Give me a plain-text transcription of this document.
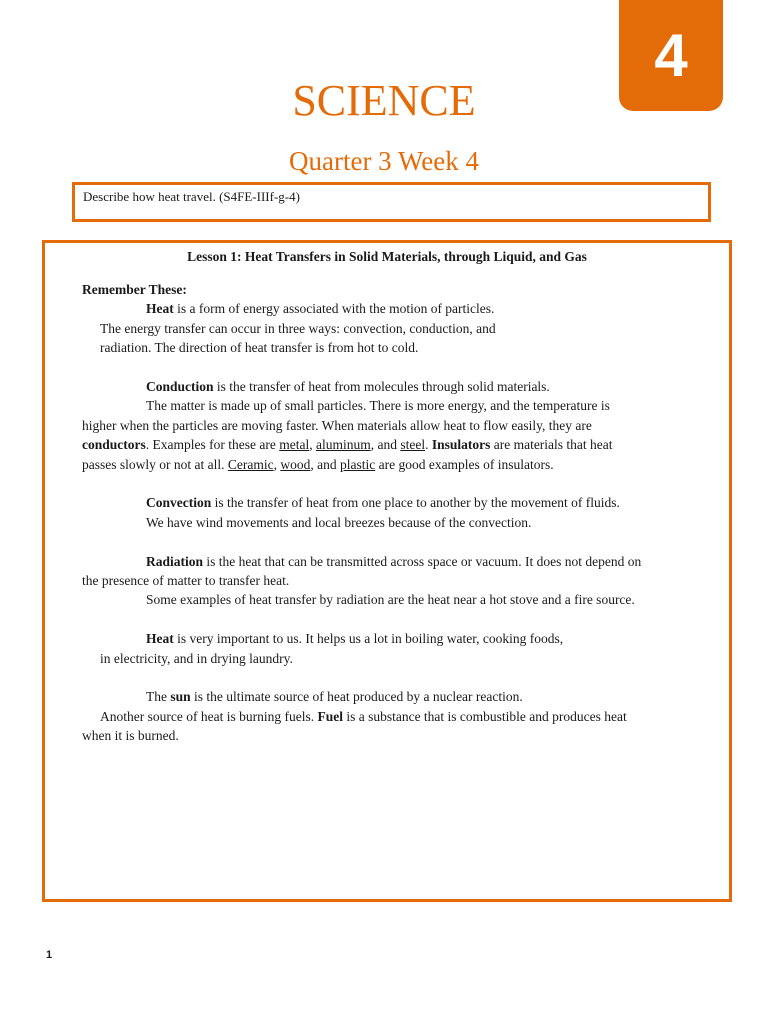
4
SCIENCE
Quarter 3 Week 4
Describe how heat travel. (S4FE-IIIf-g-4)
Lesson 1: Heat Transfers in Solid Materials, through Liquid, and Gas

Remember These:

Heat is a form of energy associated with the motion of particles.

The energy transfer can occur in three ways: convection, conduction, and

radiation. The direction of heat transfer is from hot to cold.

Conduction is the transfer of heat from molecules through solid materials.

The matter is made up of small particles. There is more energy, and the temperature is

higher when the particles are moving faster. When materials allow heat to flow easily, they are

conductors. Examples for these are metal, aluminum, and steel. Insulators are materials that heat

passes slowly or not at all. Ceramic, wood, and plastic are good examples of insulators.

Convection is the transfer of heat from one place to another by the movement of fluids.

We have wind movements and local breezes because of the convection.

Radiation is the heat that can be transmitted across space or vacuum. It does not depend on

the presence of matter to transfer heat.

Some examples of heat transfer by radiation are the heat near a hot stove and a fire source.

Heat is very important to us. It helps us a lot in boiling water, cooking foods,

in electricity, and in drying laundry.

The sun is the ultimate source of heat produced by a nuclear reaction.

Another source of heat is burning fuels. Fuel is a substance that is combustible and produces heat

when it is burned.

1
